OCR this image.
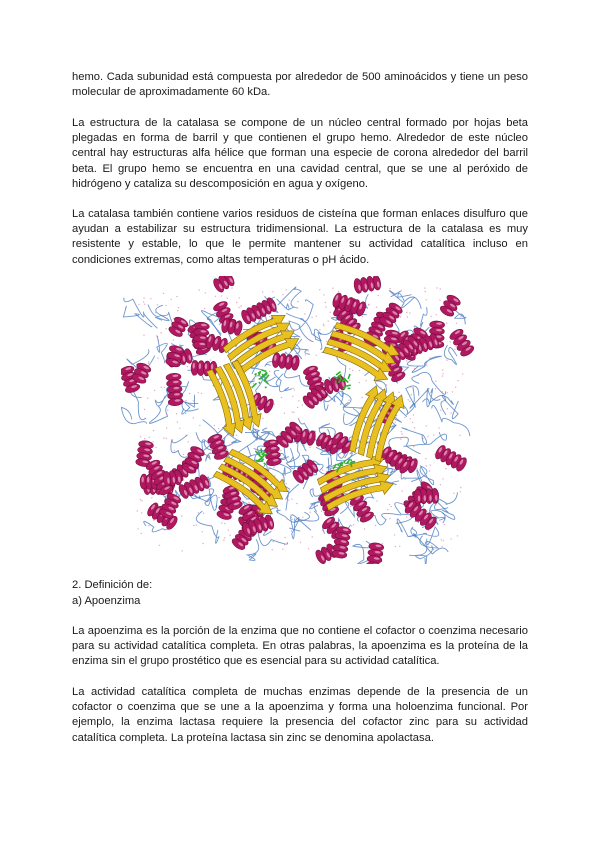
hemo. Cada subunidad está compuesta por alrededor de 500 aminoácidos y tiene un peso molecular de aproximadamente 60 kDa.

La estructura de la catalasa se compone de un núcleo central formado por hojas beta plegadas en forma de barril y que contienen el grupo hemo. Alrededor de este núcleo central hay estructuras alfa hélice que forman una especie de corona alrededor del barril beta. El grupo hemo se encuentra en una cavidad central, que se une al peróxido de hidrógeno y cataliza su descomposición en agua y oxígeno.

La catalasa también contiene varios residuos de cisteína que forman enlaces disulfuro que ayudan a estabilizar su estructura tridimensional. La estructura de la catalasa es muy resistente y estable, lo que le permite mantener su actividad catalítica incluso en condiciones extremas, como altas temperaturas o pH ácido.

2. Definición de:

a) Apoenzima

La apoenzima es la porción de la enzima que no contiene el cofactor o coenzima necesario para su actividad catalítica completa. En otras palabras, la apoenzima es la proteína de la enzima sin el grupo prostético que es esencial para su actividad catalítica.

La actividad catalítica completa de muchas enzimas depende de la presencia de un cofactor o coenzima que se une a la apoenzima y forma una holoenzima funcional. Por ejemplo, la enzima lactasa requiere la presencia del cofactor zinc para su actividad catalítica completa. La proteína lactasa sin zinc se denomina apolactasa.
